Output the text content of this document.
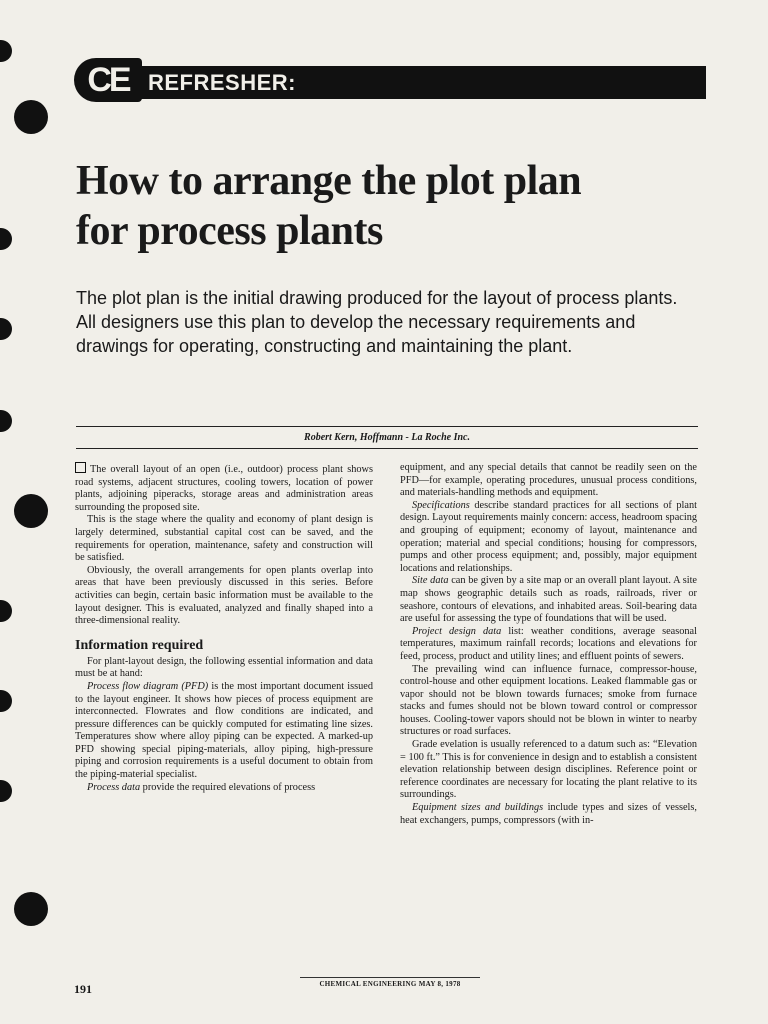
CE REFRESHER:
How to arrange the plot plan for process plants
The plot plan is the initial drawing produced for the layout of process plants. All designers use this plan to develop the necessary requirements and drawings for operating, constructing and maintaining the plant.
Robert Kern, Hoffmann - La Roche Inc.

The overall layout of an open (i.e., outdoor) process plant shows road systems, adjacent structures, cooling towers, location of power plants, adjoining piperacks, storage areas and administration areas surrounding the proposed site.

This is the stage where the quality and economy of plant design is largely determined, substantial capital cost can be saved, and the requirements for operation, maintenance, safety and construction will be satisfied.

Obviously, the overall arrangements for open plants overlap into areas that have been previously discussed in this series. Before activities can begin, certain basic information must be available to the layout designer. This is evaluated, analyzed and finally shaped into a three-dimensional reality.

Information required

For plant-layout design, the following essential information and data must be at hand:

Process flow diagram (PFD) is the most important document issued to the layout engineer. It shows how pieces of process equipment are interconnected. Flowrates and flow conditions are indicated, and pressure differences can be quickly computed for estimating line sizes. Temperatures show where alloy piping can be expected. A marked-up PFD showing special piping-materials, alloy piping, high-pressure piping and corrosion requirements is a useful document to obtain from the piping-material specialist.

Process data provide the required elevations of process

equipment, and any special details that cannot be readily seen on the PFD—for example, operating procedures, unusual process conditions, and materials-handling methods and equipment.

Specifications describe standard practices for all sections of plant design. Layout requirements mainly concern: access, headroom spacing and grouping of equipment; economy of layout, maintenance and operation; material and special conditions; housing for compressors, pumps and other process equipment; and, possibly, major equipment locations and relationships.

Site data can be given by a site map or an overall plant layout. A site map shows geographic details such as roads, railroads, river or seashore, contours of elevations, and inhabited areas. Soil-bearing data are useful for assessing the type of foundations that will be used.

Project design data list: weather conditions, average seasonal temperatures, maximum rainfall records; locations and elevations for feed, process, product and utility lines; and effluent points of sewers.

The prevailing wind can influence furnace, compressor-house, control-house and other equipment locations. Leaked flammable gas or vapor should not be blown towards furnaces; smoke from furnace stacks and fumes should not be blown toward control or compressor houses. Cooling-tower vapors should not be blown in winter to nearby structures or road surfaces.

Grade evelation is usually referenced to a datum such as: “Elevation = 100 ft.” This is for convenience in design and to establish a consistent elevation relationship between design disciplines. Reference point or reference coordinates are necessary for locating the plant relative to its surroundings.

Equipment sizes and buildings include types and sizes of vessels, heat exchangers, pumps, compressors (with in-

191	CHEMICAL ENGINEERING MAY 8, 1978
